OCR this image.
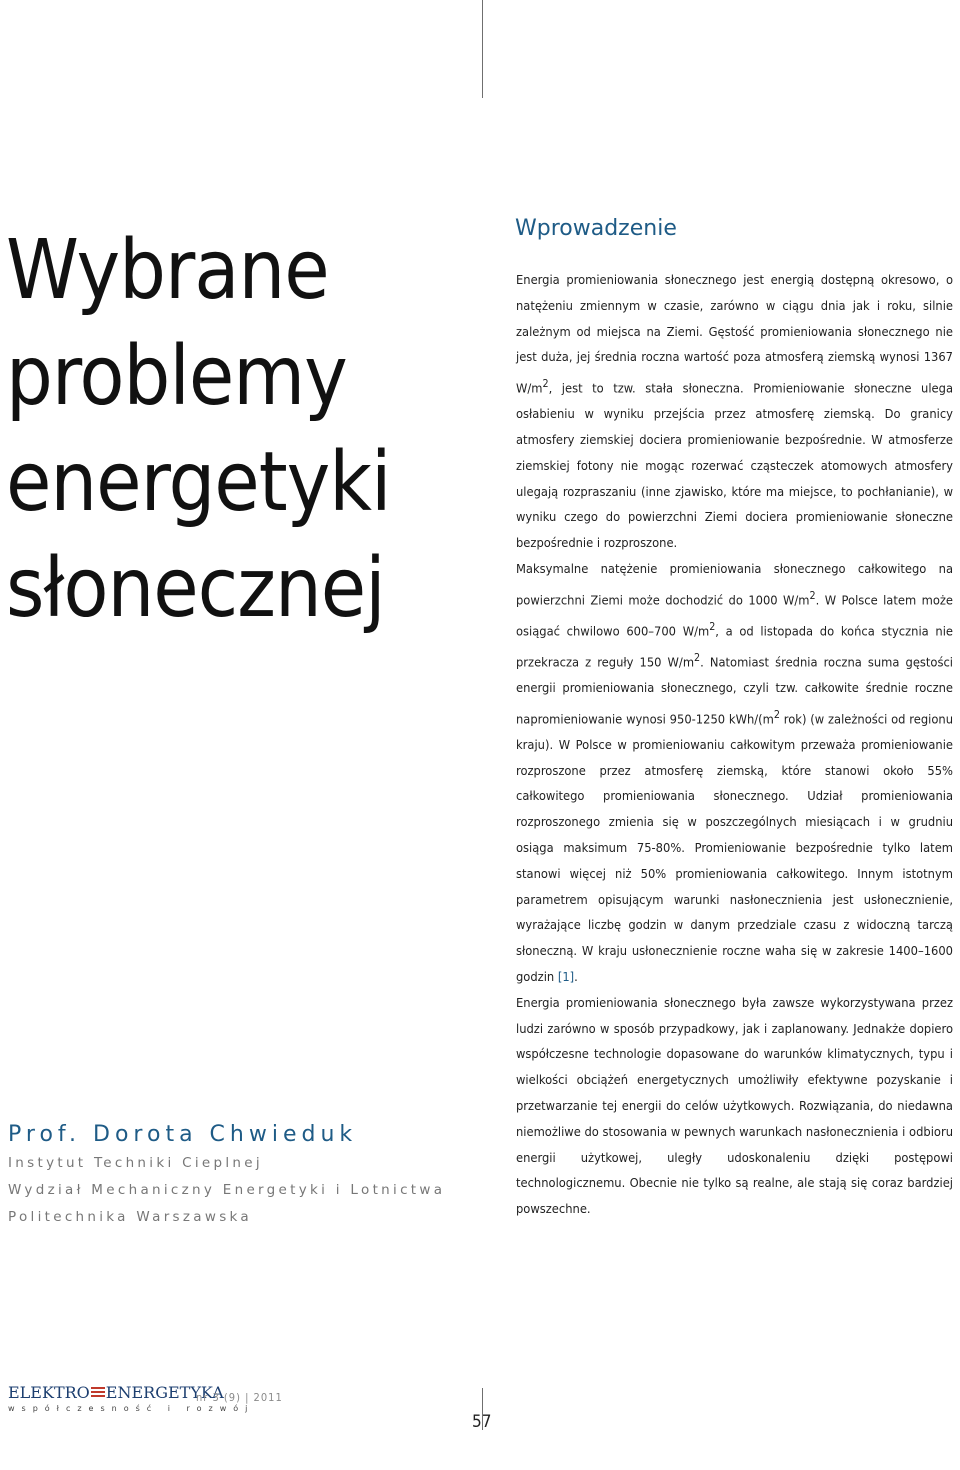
Wybrane
problemy
energetyki
słonecznej
Prof. Dorota Chwieduk
Instytut Techniki Cieplnej
Wydział Mechaniczny Energetyki i Lotnictwa
Politechnika Warszawska
Wprowadzenie

Energia promieniowania słonecznego jest energią dostępną okresowo, o natężeniu zmiennym w czasie, zarówno w ciągu dnia jak i roku, silnie zależnym od miejsca na Ziemi. Gęstość promieniowania słonecznego nie jest duża, jej średnia roczna wartość poza atmosferą ziemską wynosi 1367 $W/m^2$, jest to tzw. stała słoneczna. Promieniowanie słoneczne ulega osłabieniu w wyniku przejścia przez atmosferę ziemską. Do granicy atmosfery ziemskiej dociera promieniowanie bezpośrednie. W atmosferze ziemskiej fotony nie mogąc rozerwać cząsteczek atomowych atmosfery ulegają rozpraszaniu (inne zjawisko, które ma miejsce, to pochłanianie), w wyniku czego do powierzchni Ziemi dociera promieniowanie słoneczne bezpośrednie i rozproszone.

Maksymalne natężenie promieniowania słonecznego całkowitego na powierzchni Ziemi może dochodzić do 1000 $W/m^2$. W Polsce latem może osiągać chwilowo 600–700 $W/m^2$, a od listopada do końca stycznia nie przekracza z reguły 150 $W/m^2$. Natomiast średnia roczna suma gęstości energii promieniowania słonecznego, czyli tzw. całkowite średnie roczne napromieniowanie wynosi 950-1250 kWh/($m^2$ rok) (w zależności od regionu kraju). W Polsce w promieniowaniu całkowitym przeważa promieniowanie rozproszone przez atmosferę ziemską, które stanowi około 55% całkowitego promieniowania słonecznego. Udział promieniowania rozproszonego zmienia się w poszczególnych miesiącach i w grudniu osiąga maksimum 75-80%. Promieniowanie bezpośrednie tylko latem stanowi więcej niż 50% promieniowania całkowitego. Innym istotnym parametrem opisującym warunki nasłonecznienia jest usłonecznienie, wyrażające liczbę godzin w danym przedziale czasu z widoczną tarczą słoneczną. W kraju usłonecznienie roczne waha się w zakresie 1400–1600 godzin [1].

Energia promieniowania słonecznego była zawsze wykorzystywana przez ludzi zarówno w sposób przypadkowy, jak i zaplanowany. Jednakże dopiero współczesne technologie dopasowane do warunków klimatycznych, typu i wielkości obciążeń energetycznych umożliwiły efektywne pozyskanie i przetwarzanie tej energii do celów użytkowych. Rozwiązania, do niedawna niemożliwe do stosowania w pewnych warunkach nasłonecznienia i odbioru energii użytkowej, uległy udoskonaleniu dzięki postępowi technologicznemu. Obecnie nie tylko są realne, ale stają się coraz bardziej powszechne.

ELEKTRO ENERGETYKA
współczesność i rozwój
nr 3 (9) | 2011
57
